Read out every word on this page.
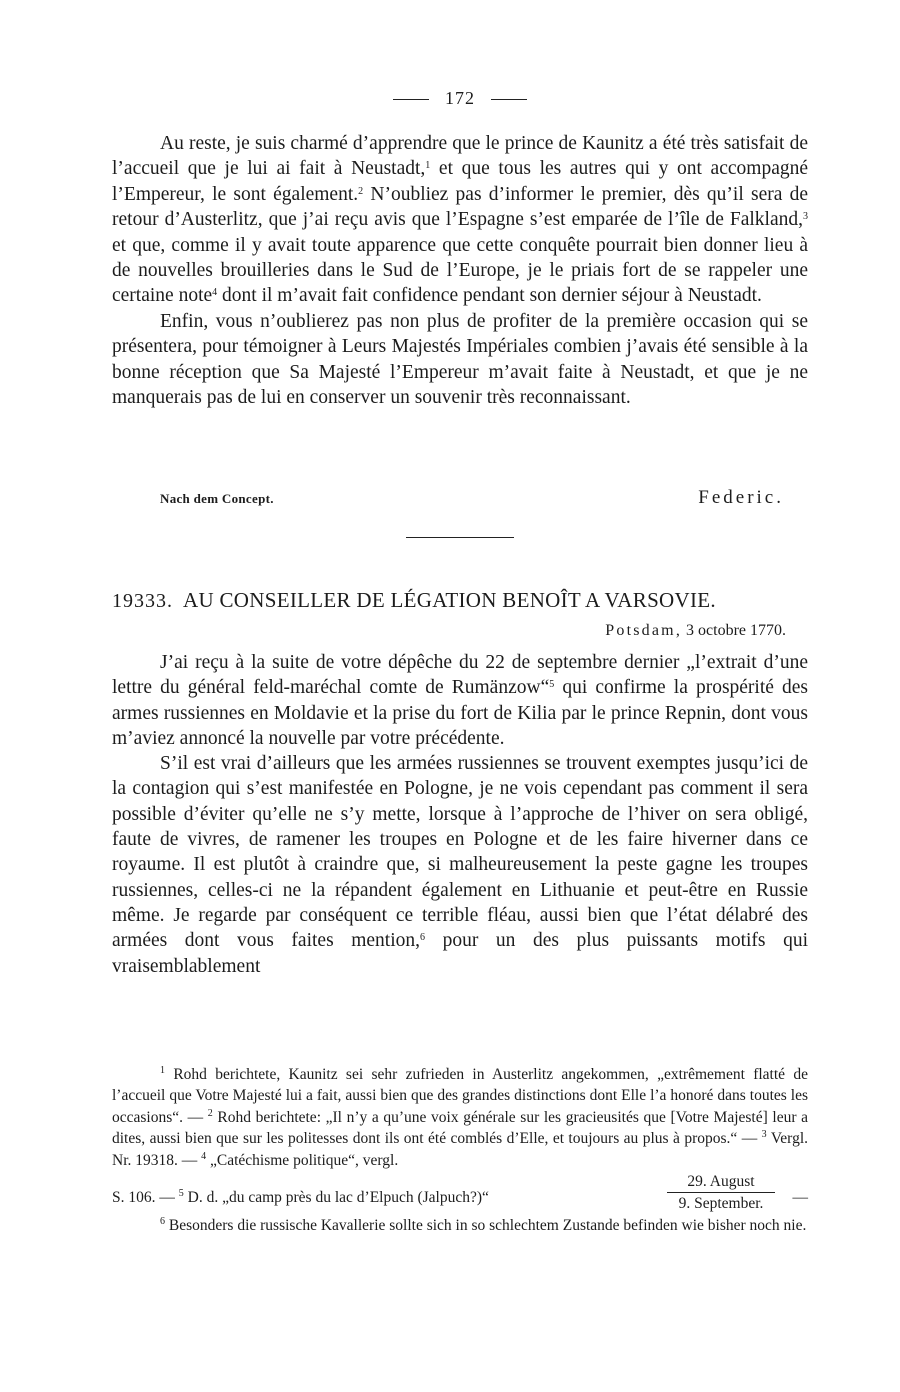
172

Au reste, je suis charmé d’apprendre que le prince de Kaunitz a été très satisfait de l’accueil que je lui ai fait à Neustadt,$^1$ et que tous les autres qui y ont accompagné l’Empereur, le sont également.$^2$ N’oubliez pas d’informer le premier, dès qu’il sera de retour d’Austerlitz, que j’ai reçu avis que l’Espagne s’est emparée de l’île de Falkland,$^3$ et que, comme il y avait toute apparence que cette conquête pourrait bien donner lieu à de nouvelles brouilleries dans le Sud de l’Europe, je le priais fort de se rappeler une certaine note$^4$ dont il m’avait fait confidence pendant son dernier séjour à Neustadt.

Enfin, vous n’oublierez pas non plus de profiter de la première occasion qui se présentera, pour témoigner à Leurs Majestés Impériales combien j’avais été sensible à la bonne réception que Sa Majesté l’Empereur m’avait faite à Neustadt, et que je ne manquerais pas de lui en conserver un souvenir très reconnaissant.

Nach dem Concept.	Federic.
19333. AU CONSEILLER DE LÉGATION BENOÎT A VARSOVIE.
Potsdam, 3 octobre 1770.

J’ai reçu à la suite de votre dépêche du 22 de septembre dernier „l’extrait d’une lettre du général feld-maréchal comte de Rumänzow“$^5$ qui confirme la prospérité des armes russiennes en Moldavie et la prise du fort de Kilia par le prince Repnin, dont vous m’aviez annoncé la nouvelle par votre précédente.

S’il est vrai d’ailleurs que les armées russiennes se trouvent exemptes jusqu’ici de la contagion qui s’est manifestée en Pologne, je ne vois cependant pas comment il sera possible d’éviter qu’elle ne s’y mette, lorsque à l’approche de l’hiver on sera obligé, faute de vivres, de ramener les troupes en Pologne et de les faire hiverner dans ce royaume. Il est plutôt à craindre que, si malheureusement la peste gagne les troupes russiennes, celles-ci ne la répandent également en Lithuanie et peut-être en Russie même. Je regarde par conséquent ce terrible fléau, aussi bien que l’état délabré des armées dont vous faites mention,$^6$ pour un des plus puissants motifs qui vraisemblablement

$^1$ Rohd berichtete, Kaunitz sei sehr zufrieden in Austerlitz angekommen, „extrêmement flatté de l’accueil que Votre Majesté lui a fait, aussi bien que des grandes distinctions dont Elle l’a honoré dans toutes les occasions“. — $^2$ Rohd berichtete: „Il n’y a qu’une voix générale sur les gracieusités que [Votre Majesté] leur a dites, aussi bien que sur les politesses dont ils ont été comblés d’Elle, et toujours au plus à propos.“ — $^3$ Vergl. Nr. 19318. — $^4$ „Catéchisme politique“, vergl.

S. 106. — $^5$ D. d. „du camp près du lac d’Elpuch (Jalpuch?)“
29. August
9. September.	—

$^6$ Besonders die russische Kavallerie sollte sich in so schlechtem Zustande befinden wie bisher noch nie.
